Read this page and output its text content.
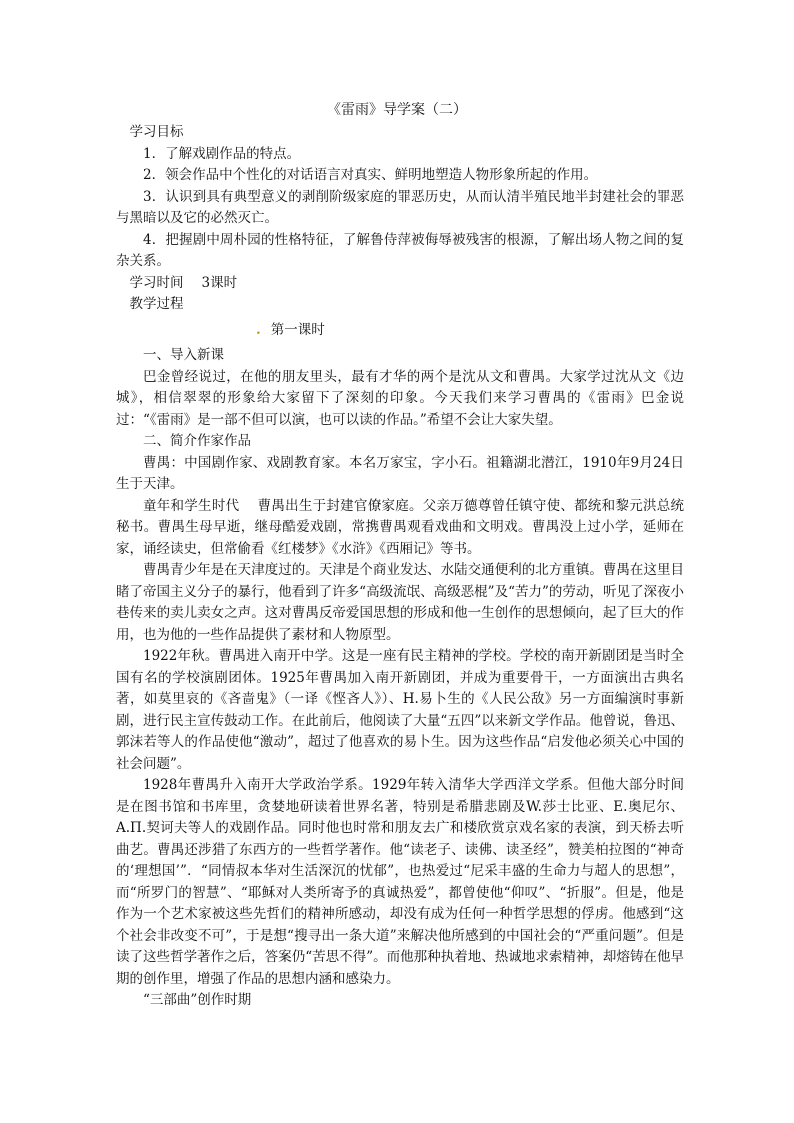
《雷雨》导学案（二）

学习目标

1．了解戏剧作品的特点。

2．领会作品中个性化的对话语言对真实、鲜明地塑造人物形象所起的作用。

3．认识到具有典型意义的剥削阶级家庭的罪恶历史，从而认清半殖民地半封建社会的罪恶与黑暗以及它的必然灭亡。

4．把握剧中周朴园的性格特征，了解鲁侍萍被侮辱被残害的根源，了解出场人物之间的复杂关系。

学习时间 3课时

教学过程

. 第一课时

一、导入新课

巴金曾经说过，在他的朋友里头，最有才华的两个是沈从文和曹禺。大家学过沈从文《边城》，相信翠翠的形象给大家留下了深刻的印象。今天我们来学习曹禺的《雷雨》巴金说过：“《雷雨》是一部不但可以演，也可以读的作品。”希望不会让大家失望。

二、简介作家作品

曹禺：中国剧作家、戏剧教育家。本名万家宝，字小石。祖籍湖北潜江，1910年9月24日生于天津。

童年和学生时代 曹禺出生于封建官僚家庭。父亲万德尊曾任镇守使、都统和黎元洪总统秘书。曹禺生母早逝，继母酷爱戏剧，常携曹禺观看戏曲和文明戏。曹禺没上过小学，延师在家，诵经读史，但常偷看《红楼梦》《水浒》《西厢记》等书。

曹禺青少年是在天津度过的。天津是个商业发达、水陆交通便利的北方重镇。曹禺在这里目睹了帝国主义分子的暴行，他看到了许多“高级流氓、高级恶棍”及“苦力”的劳动，听见了深夜小巷传来的卖儿卖女之声。这对曹禺反帝爱国思想的形成和他一生创作的思想倾向，起了巨大的作用，也为他的一些作品提供了素材和人物原型。

1922年秋。曹禺进入南开中学。这是一座有民主精神的学校。学校的南开新剧团是当时全国有名的学校演剧团体。1925年曹禺加入南开新剧团，并成为重要骨干，一方面演出古典名著，如莫里哀的《吝啬鬼》（一译《悭吝人》）、H.易卜生的《人民公敌》另一方面编演时事新剧，进行民主宣传鼓动工作。在此前后，他阅读了大量“五四”以来新文学作品。他曾说，鲁迅、郭沫若等人的作品使他“激动”，超过了他喜欢的易卜生。因为这些作品“启发他必须关心中国的社会问题”。

1928年曹禺升入南开大学政治学系。1929年转入清华大学西洋文学系。但他大部分时间是在图书馆和书库里，贪婪地研读着世界名著，特别是希腊悲剧及W.莎士比亚、E.奥尼尔、A.Π.契诃夫等人的戏剧作品。同时他也时常和朋友去广和楼欣赏京戏名家的表演，到天桥去听曲艺。曹禺还涉猎了东西方的一些哲学著作。他“读老子、读佛、读圣经”，赞美柏拉图的“神奇的‘理想国’”．“同情叔本华对生活深沉的忧郁”，也热爱过“尼采丰盛的生命力与超人的思想”，而“所罗门的智慧”、“耶稣对人类所寄予的真诚热爱”，都曾使他“仰叹”、“折服”。但是，他是作为一个艺术家被这些先哲们的精神所感动，却没有成为任何一种哲学思想的俘虏。他感到“这个社会非改变不可”，于是想“搜寻出一条大道”来解决他所感到的中国社会的“严重问题”。但是读了这些哲学著作之后，答案仍“苦思不得”。而他那种执着地、热诚地求索精神，却熔铸在他早期的创作里，增强了作品的思想内涵和感染力。

“三部曲”创作时期
